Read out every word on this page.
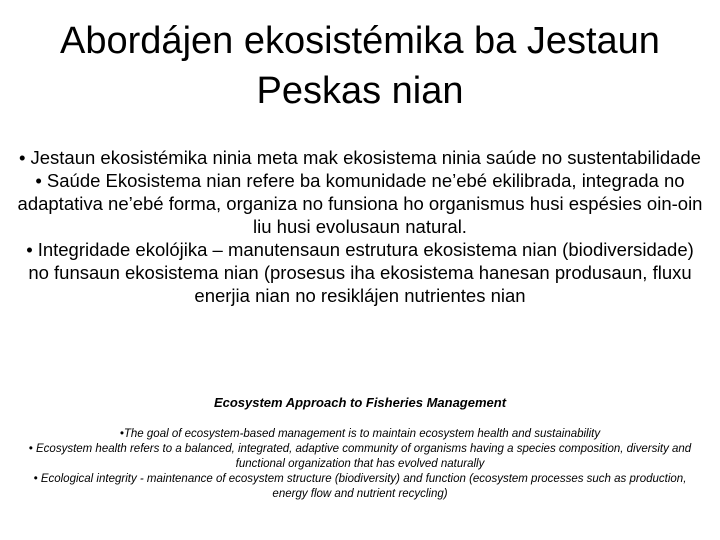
Abordájen ekosistémika ba Jestaun
Peskas nian

• Jestaun ekosistémika ninia meta mak ekosistema ninia saúde no sustentabilidade

• Saúde Ekosistema nian refere ba komunidade ne’ebé ekilibrada, integrada no adaptativa ne’ebé forma, organiza no funsiona ho organismus husi espésies oin-oin liu husi evolusaun natural.

• Integridade ekolójika – manutensaun estrutura ekosistema nian (biodiversidade) no funsaun ekosistema nian (prosesus iha ekosistema hanesan produsaun, fluxu enerjia nian no resiklájen nutrientes nian

Ecosystem Approach to Fisheries Management

•The goal of ecosystem-based management is to maintain ecosystem health and sustainability

• Ecosystem health refers to a balanced, integrated, adaptive community of organisms having a species composition, diversity and functional organization that has evolved naturally

• Ecological integrity - maintenance of ecosystem structure (biodiversity) and function (ecosystem processes such as production, energy flow and nutrient recycling)
